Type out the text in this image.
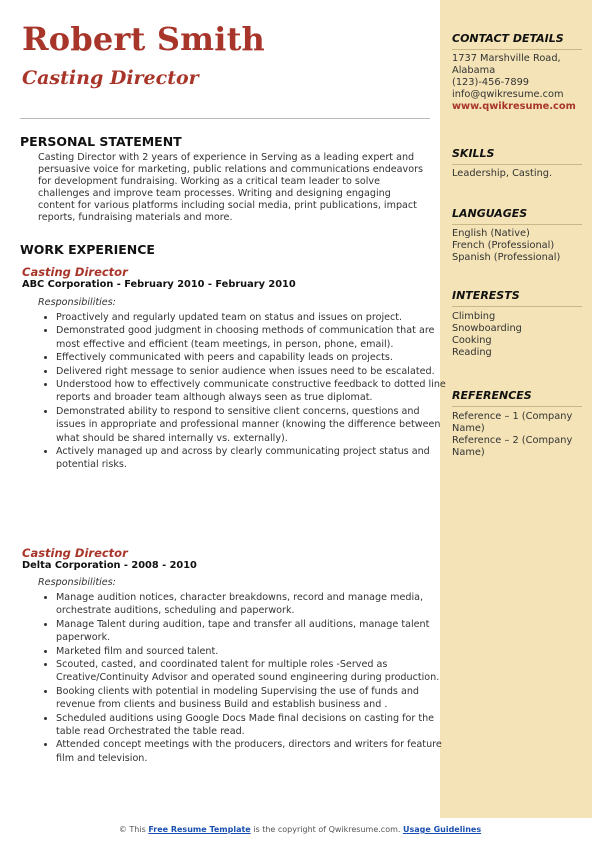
Robert Smith
Casting Director
PERSONAL STATEMENT
Casting Director with 2 years of experience in Serving as a leading expert and persuasive voice for marketing, public relations and communications endeavors for development fundraising. Working as a critical team leader to solve challenges and improve team processes. Writing and designing engaging content for various platforms including social media, print publications, impact reports, fundraising materials and more.
WORK EXPERIENCE
Casting Director
ABC Corporation - February 2010 - February 2010
Responsibilities:
• Proactively and regularly updated team on status and issues on project.
• Demonstrated good judgment in choosing methods of communication that are most effective and efficient (team meetings, in person, phone, email).
• Effectively communicated with peers and capability leads on projects.
• Delivered right message to senior audience when issues need to be escalated.
• Understood how to effectively communicate constructive feedback to dotted line reports and broader team although always seen as true diplomat.
• Demonstrated ability to respond to sensitive client concerns, questions and issues in appropriate and professional manner (knowing the difference between what should be shared internally vs. externally).
• Actively managed up and across by clearly communicating project status and potential risks.
Casting Director
Delta Corporation - 2008 - 2010
Responsibilities:
• Manage audition notices, character breakdowns, record and manage media, orchestrate auditions, scheduling and paperwork.
• Manage Talent during audition, tape and transfer all auditions, manage talent paperwork.
• Marketed film and sourced talent.
• Scouted, casted, and coordinated talent for multiple roles -Served as Creative/Continuity Advisor and operated sound engineering during production.
• Booking clients with potential in modeling Supervising the use of funds and revenue from clients and business Build and establish business and .
• Scheduled auditions using Google Docs Made final decisions on casting for the table read Orchestrated the table read.
• Attended concept meetings with the producers, directors and writers for feature film and television.
CONTACT DETAILS
1737 Marshville Road,
Alabama
(123)-456-7899
info@qwikresume.com
www.qwikresume.com
SKILLS
Leadership, Casting.
LANGUAGES
English (Native)
French (Professional)
Spanish (Professional)
INTERESTS
Climbing
Snowboarding
Cooking
Reading
REFERENCES
Reference – 1 (Company Name)
Reference – 2 (Company Name)
© This Free Resume Template is the copyright of Qwikresume.com. Usage Guidelines
